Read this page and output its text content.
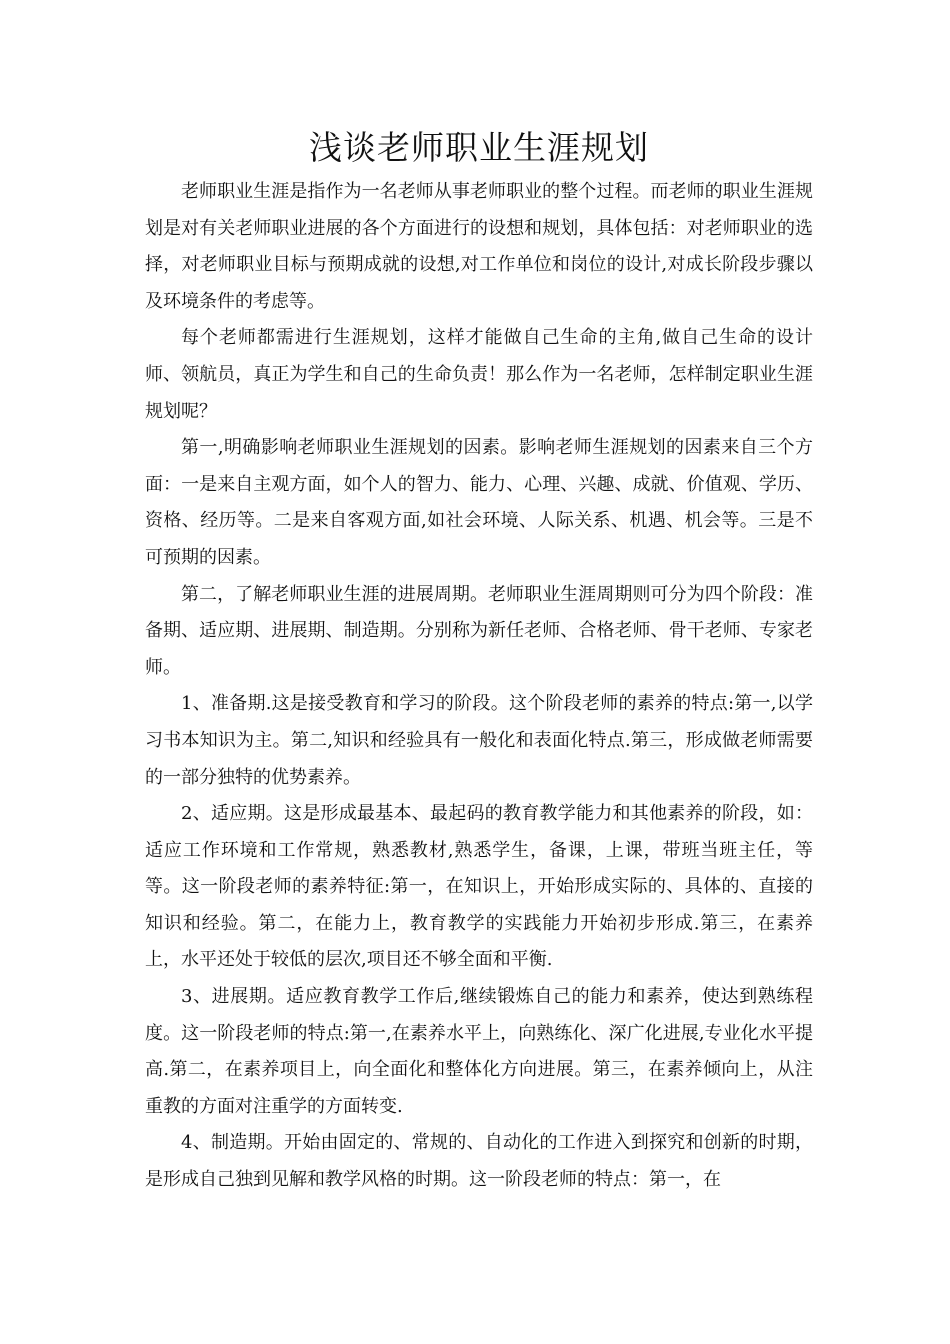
浅谈老师职业生涯规划

老师职业生涯是指作为一名老师从事老师职业的整个过程。而老师的职业生涯规划是对有关老师职业进展的各个方面进行的设想和规划，具体包括：对老师职业的选择，对老师职业目标与预期成就的设想,对工作单位和岗位的设计,对成长阶段步骤以及环境条件的考虑等。

每个老师都需进行生涯规划，这样才能做自己生命的主角,做自己生命的设计师、领航员，真正为学生和自己的生命负责！那么作为一名老师，怎样制定职业生涯规划呢？

第一,明确影响老师职业生涯规划的因素。影响老师生涯规划的因素来自三个方面：一是来自主观方面，如个人的智力、能力、心理、兴趣、成就、价值观、学历、资格、经历等。二是来自客观方面,如社会环境、人际关系、机遇、机会等。三是不可预期的因素。

第二，了解老师职业生涯的进展周期。老师职业生涯周期则可分为四个阶段：准备期、适应期、进展期、制造期。分别称为新任老师、合格老师、骨干老师、专家老师。

1、准备期.这是接受教育和学习的阶段。这个阶段老师的素养的特点:第一,以学习书本知识为主。第二,知识和经验具有一般化和表面化特点.第三，形成做老师需要的一部分独特的优势素养。

2、适应期。这是形成最基本、最起码的教育教学能力和其他素养的阶段，如：适应工作环境和工作常规，熟悉教材,熟悉学生，备课，上课，带班当班主任，等等。这一阶段老师的素养特征:第一，在知识上，开始形成实际的、具体的、直接的知识和经验。第二，在能力上，教育教学的实践能力开始初步形成.第三，在素养上，水平还处于较低的层次,项目还不够全面和平衡.

3、进展期。适应教育教学工作后,继续锻炼自己的能力和素养，使达到熟练程度。这一阶段老师的特点:第一,在素养水平上，向熟练化、深广化进展,专业化水平提高.第二，在素养项目上，向全面化和整体化方向进展。第三，在素养倾向上，从注重教的方面对注重学的方面转变.

4、制造期。开始由固定的、常规的、自动化的工作进入到探究和创新的时期，是形成自己独到见解和教学风格的时期。这一阶段老师的特点：第一，在
